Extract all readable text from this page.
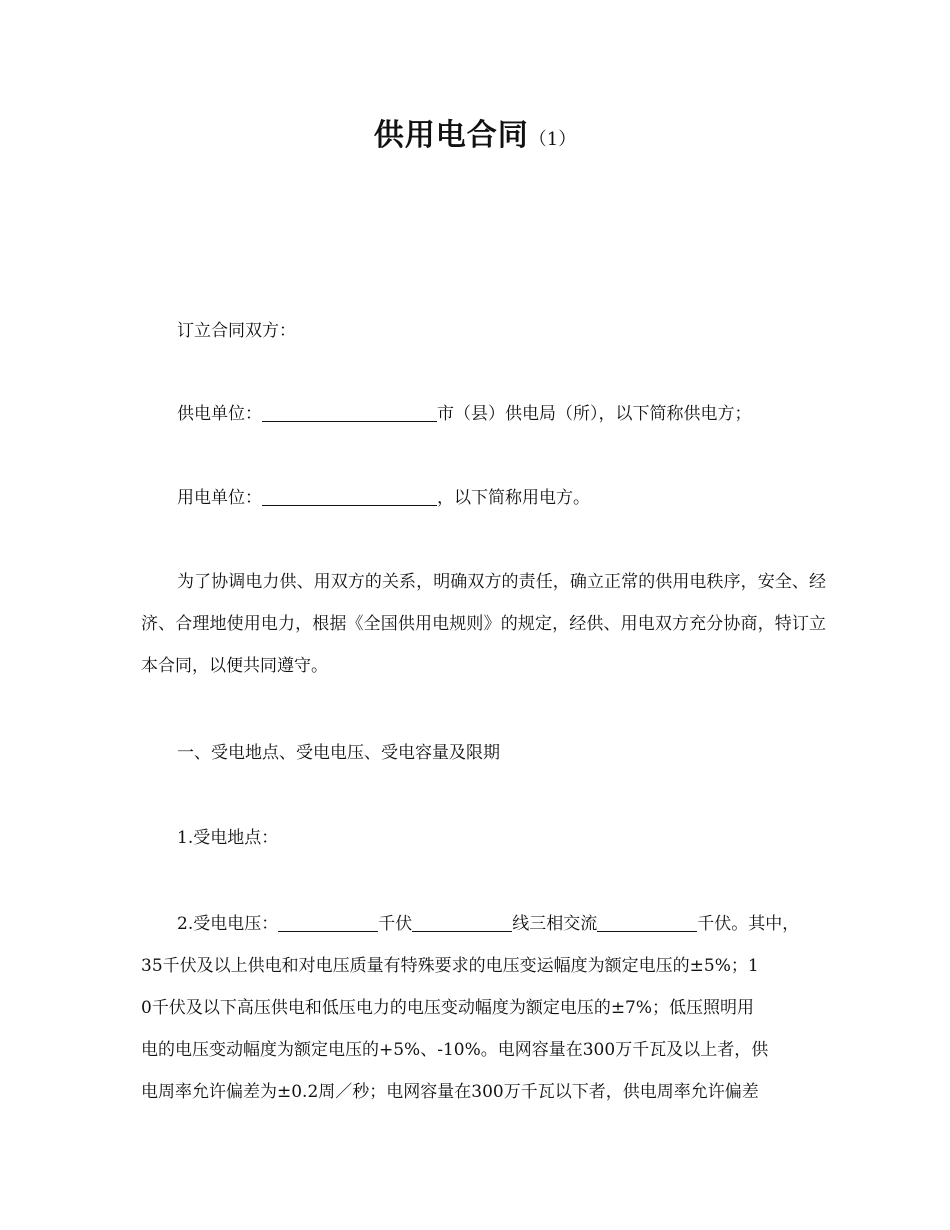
供用电合同（1）
订立合同双方：
供电单位：	市（县）供电局（所），以下简称供电方；
用电单位：	，以下简称用电方。
为了协调电力供、用双方的关系，明确双方的责任，确立正常的供用电秩序，安全、经济、合理地使用电力，根据《全国供用电规则》的规定，经供、用电双方充分协商，特订立本合同，以便共同遵守。
一、受电地点、受电电压、受电容量及限期
1.受电地点：
2.受电电压：	千伏	线三相交流	千伏。其中，
35千伏及以上供电和对电压质量有特殊要求的电压变运幅度为额定电压的±5%；1
0千伏及以下高压供电和低压电力的电压变动幅度为额定电压的±7%；低压照明用
电的电压变动幅度为额定电压的+5%、-10%。电网容量在300万千瓦及以上者，供
电周率允许偏差为±0.2周／秒；电网容量在300万千瓦以下者，供电周率允许偏差
